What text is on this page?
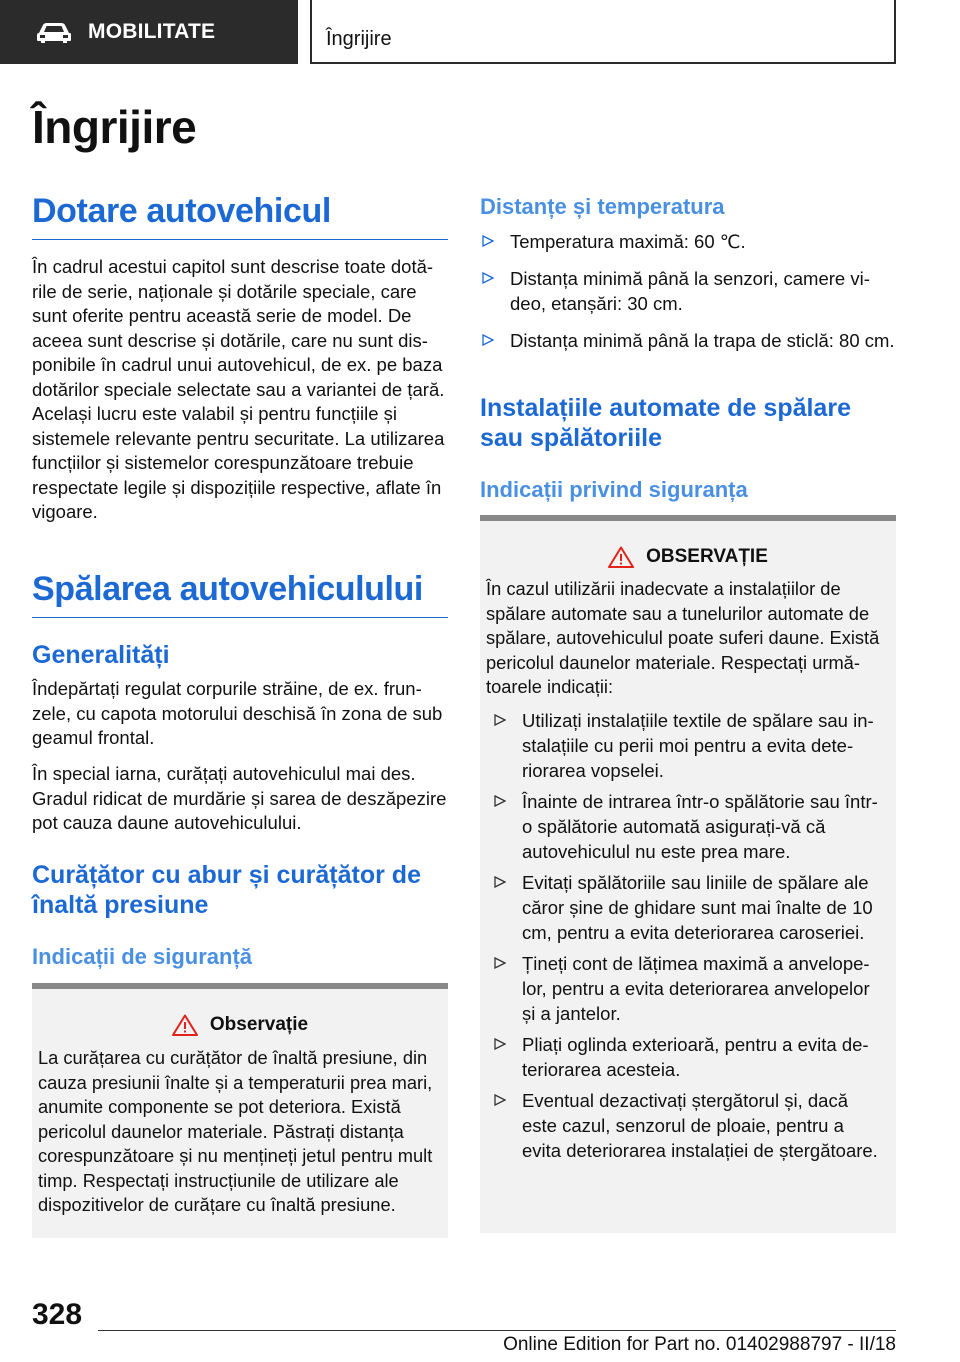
MOBILITATE	Îngrijire
Îngrijire
Dotare autovehicul
În cadrul acestui capitol sunt descrise toate dotările de serie, naționale și dotările speciale, care sunt oferite pentru această serie de model. De aceea sunt descrise și dotările, care nu sunt disponibile în cadrul unui autovehicul, de ex. pe baza dotărilor speciale selectate sau a variantei de țară. Același lucru este valabil și pentru funcțiile și sistemele relevante pentru securitate. La utilizarea funcțiilor și sistemelor corespunzătoare trebuie respectate legile și dispozițiile respective, aflate în vigoare.
Spălarea autovehiculului
Generalități
Îndepărtați regulat corpurile străine, de ex. frunzele, cu capota motorului deschisă în zona de sub geamul frontal.
În special iarna, curățați autovehiculul mai des. Gradul ridicat de murdărie și sarea de deszăpezire pot cauza daune autovehiculului.
Curățător cu abur și curățător de înaltă presiune
Indicații de siguranță
Observație
La curățarea cu curățător de înaltă presiune, din cauza presiunii înalte și a temperaturii prea mari, anumite componente se pot deteriora. Există pericolul daunelor materiale. Păstrați distanța corespunzătoare și nu mențineți jetul pentru mult timp. Respectați instrucțiunile de utilizare ale dispozitivelor de curățare cu înaltă presiune.
Distanțe și temperatura
Temperatura maximă: 60 ℃.
Distanța minimă până la senzori, camere video, etanșări: 30 cm.
Distanța minimă până la trapa de sticlă: 80 cm.
Instalațiile automate de spălare sau spălătoriile
Indicații privind siguranța
OBSERVAȚIE
În cazul utilizării inadecvate a instalațiilor de spălare automate sau a tunelurilor automate de spălare, autovehiculul poate suferi daune. Există pericolul daunelor materiale. Respectați următoarele indicații:
Utilizați instalațiile textile de spălare sau instalațiile cu perii moi pentru a evita deteriorarea vopselei.
Înainte de intrarea într-o spălătorie sau într-o spălătorie automată asigurați-vă că autovehiculul nu este prea mare.
Evitați spălătoriile sau liniile de spălare ale căror șine de ghidare sunt mai înalte de 10 cm, pentru a evita deteriorarea caroseriei.
Țineți cont de lățimea maximă a anvelopelor, pentru a evita deteriorarea anvelopelor și a jantelor.
Pliați oglinda exterioară, pentru a evita deteriorarea acesteia.
Eventual dezactivați ștergătorul și, dacă este cazul, senzorul de ploaie, pentru a evita deteriorarea instalației de ștergătoare.
328
Online Edition for Part no. 01402988797 - II/18
